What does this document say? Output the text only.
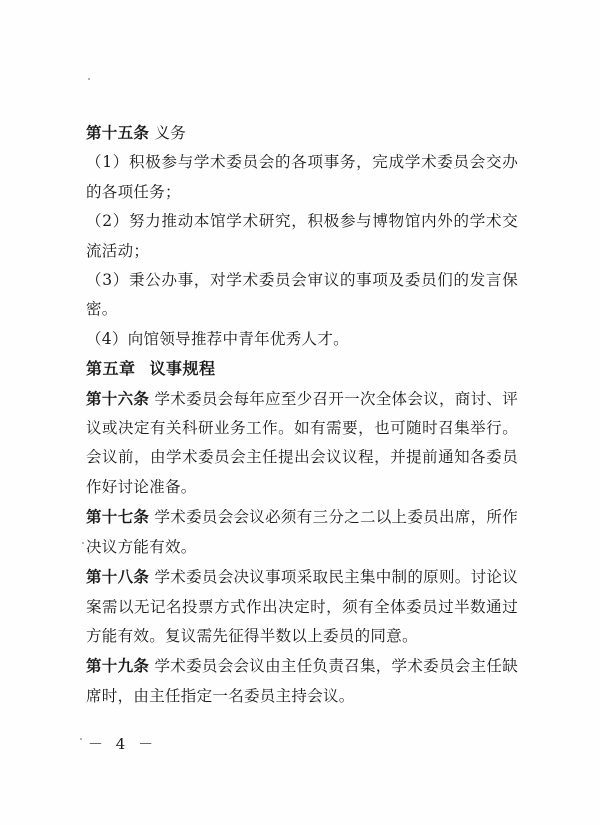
第十五条 义务

（1）积极参与学术委员会的各项事务，完成学术委员会交办的各项任务；

（2）努力推动本馆学术研究，积极参与博物馆内外的学术交流活动；

（3）秉公办事，对学术委员会审议的事项及委员们的发言保密。

（4）向馆领导推荐中青年优秀人才。

第五章 议事规程

第十六条 学术委员会每年应至少召开一次全体会议，商讨、评议或决定有关科研业务工作。如有需要，也可随时召集举行。会议前，由学术委员会主任提出会议议程，并提前通知各委员作好讨论准备。

第十七条 学术委员会会议必须有三分之二以上委员出席，所作决议方能有效。

第十八条 学术委员会决议事项采取民主集中制的原则。讨论议案需以无记名投票方式作出决定时，须有全体委员过半数通过方能有效。复议需先征得半数以上委员的同意。

第十九条 学术委员会会议由主任负责召集，学术委员会主任缺席时，由主任指定一名委员主持会议。

－ 4 －
